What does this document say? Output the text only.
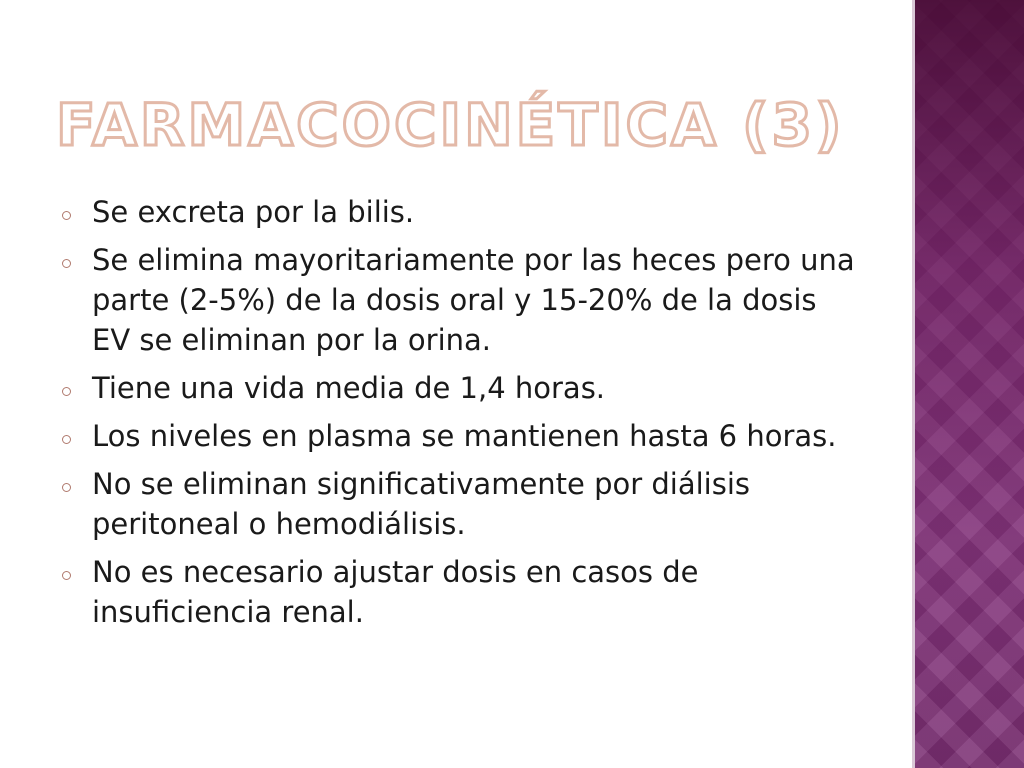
FARMACOCINÉTICA (3)
Se excreta por la bilis.
Se elimina mayoritariamente por las heces pero una parte (2-5%) de la dosis oral y 15-20% de la dosis EV se eliminan por la orina.
Tiene una vida media de 1,4 horas.
Los niveles en plasma se mantienen hasta 6 horas.
No se eliminan significativamente por diálisis peritoneal o hemodiálisis.
No es necesario ajustar dosis en casos de insuficiencia renal.
